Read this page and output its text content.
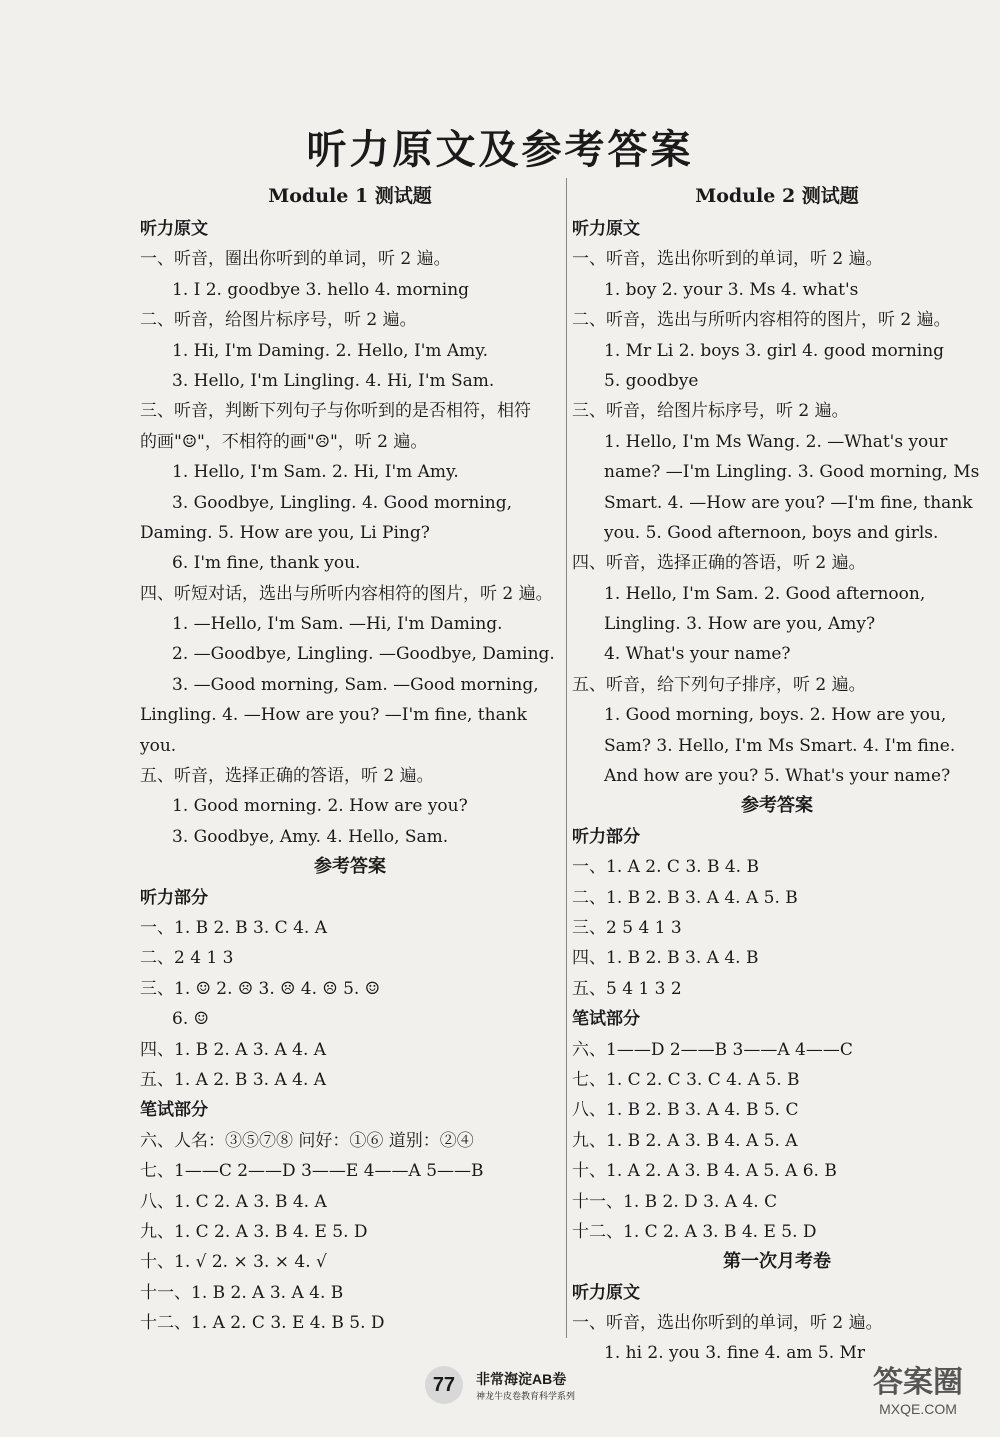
听力原文及参考答案
Module 1 测试题
听力原文
一、听音，圈出你听到的单词，听 2 遍。
1. I 2. goodbye 3. hello 4. morning
二、听音，给图片标序号，听 2 遍。
1. Hi, I'm Daming. 2. Hello, I'm Amy.
3. Hello, I'm Lingling. 4. Hi, I'm Sam.
三、听音，判断下列句子与你听到的是否相符，相符
的画"☺"，不相符的画"☹"，听 2 遍。
1. Hello, I'm Sam. 2. Hi, I'm Amy.
3. Goodbye, Lingling. 4. Good morning,
Daming. 5. How are you, Li Ping?
6. I'm fine, thank you.
四、听短对话，选出与所听内容相符的图片，听 2 遍。
1. —Hello, I'm Sam. —Hi, I'm Daming.
2. —Goodbye, Lingling. —Goodbye, Daming.
3. —Good morning, Sam. —Good morning,
Lingling. 4. —How are you? —I'm fine, thank
you.
五、听音，选择正确的答语，听 2 遍。
1. Good morning. 2. How are you?
3. Goodbye, Amy. 4. Hello, Sam.
参考答案
听力部分
一、1. B 2. B 3. C 4. A
二、2 4 1 3
三、1. ☺ 2. ☹ 3. ☹ 4. ☹ 5. ☺
6. ☺
四、1. B 2. A 3. A 4. A
五、1. A 2. B 3. A 4. A
笔试部分
六、人名：③⑤⑦⑧ 问好：①⑥ 道别：②④
七、1——C 2——D 3——E 4——A 5——B
八、1. C 2. A 3. B 4. A
九、1. C 2. A 3. B 4. E 5. D
十、1. √ 2. × 3. × 4. √
十一、1. B 2. A 3. A 4. B
十二、1. A 2. C 3. E 4. B 5. D
Module 2 测试题
听力原文
一、听音，选出你听到的单词，听 2 遍。
1. boy 2. your 3. Ms 4. what's
二、听音，选出与所听内容相符的图片，听 2 遍。
1. Mr Li 2. boys 3. girl 4. good morning
5. goodbye
三、听音，给图片标序号，听 2 遍。
1. Hello, I'm Ms Wang. 2. —What's your
name? —I'm Lingling. 3. Good morning, Ms
Smart. 4. —How are you? —I'm fine, thank
you. 5. Good afternoon, boys and girls.
四、听音，选择正确的答语，听 2 遍。
1. Hello, I'm Sam. 2. Good afternoon,
Lingling. 3. How are you, Amy?
4. What's your name?
五、听音，给下列句子排序，听 2 遍。
1. Good morning, boys. 2. How are you,
Sam? 3. Hello, I'm Ms Smart. 4. I'm fine.
And how are you? 5. What's your name?
参考答案
听力部分
一、1. A 2. C 3. B 4. B
二、1. B 2. B 3. A 4. A 5. B
三、2 5 4 1 3
四、1. B 2. B 3. A 4. B
五、5 4 1 3 2
笔试部分
六、1——D 2——B 3——A 4——C
七、1. C 2. C 3. C 4. A 5. B
八、1. B 2. B 3. A 4. B 5. C
九、1. B 2. A 3. B 4. A 5. A
十、1. A 2. A 3. B 4. A 5. A 6. B
十一、1. B 2. D 3. A 4. C
十二、1. C 2. A 3. B 4. E 5. D
第一次月考卷
听力原文
一、听音，选出你听到的单词，听 2 遍。
1. hi 2. you 3. fine 4. am 5. Mr
77 非常海淀AB卷
神龙牛皮卷教育科学系列	答案圈
MXQE.COM
